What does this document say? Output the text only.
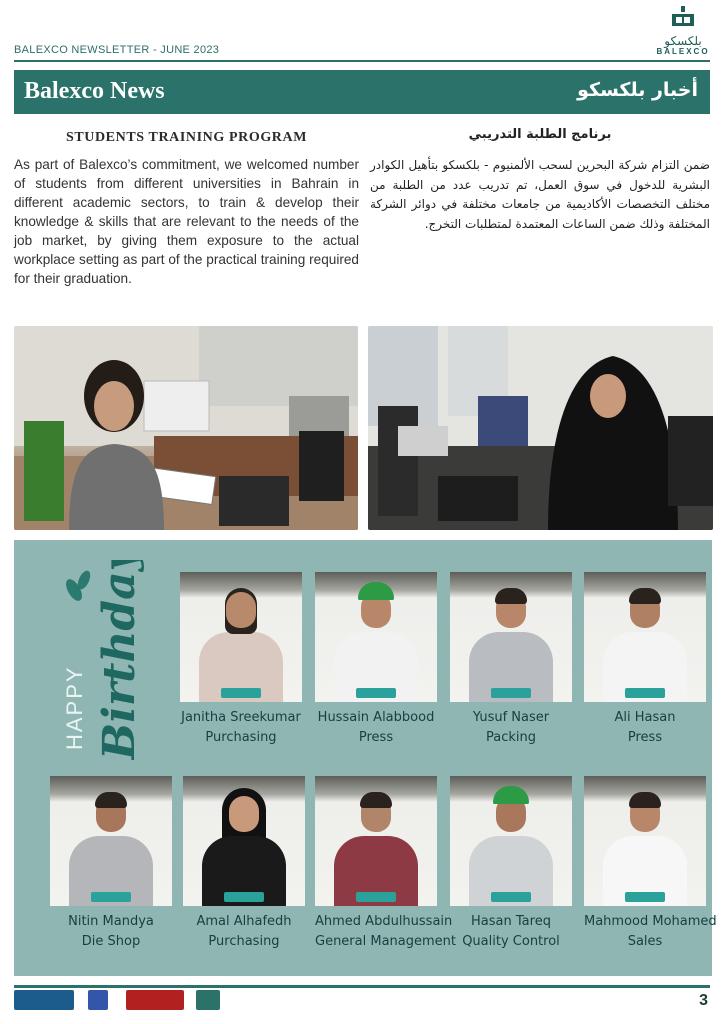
BALEXCO NEWSLETTER - JUNE 2023
بلكسكو
BALEXCO
Balexco News	أخبار بلكسكو
STUDENTS TRAINING PROGRAM
As part of Balexco’s commitment, we welcomed number of students from different universities in Bahrain in different academic sectors, to train & develop their knowledge & skills that are relevant to the needs of the job market, by giving them exposure to the actual workplace setting as part of the practical training required for their graduation.
برنامج الطلبة التدريبي
ضمن التزام شركة البحرين لسحب الألمنيوم - بلكسكو بتأهيل الكوادر البشرية للدخول في سوق العمل، تم تدريب عدد من الطلبة من مختلف التخصصات الأكاديمية من جامعات مختلفة في دوائر الشركة المختلفة وذلك ضمن الساعات المعتمدة لمتطلبات التخرج.
HAPPY Birthday	Janitha Sreekumar
Purchasing
Hussain Alabbood
Press
Yusuf Naser
Packing
Ali Hasan
Press
Nitin Mandya
Die Shop
Amal Alhafedh
Purchasing
Ahmed Abdulhussain
General Management
Hasan Tareq
Quality Control
Mahmood Mohamed
Sales
3
